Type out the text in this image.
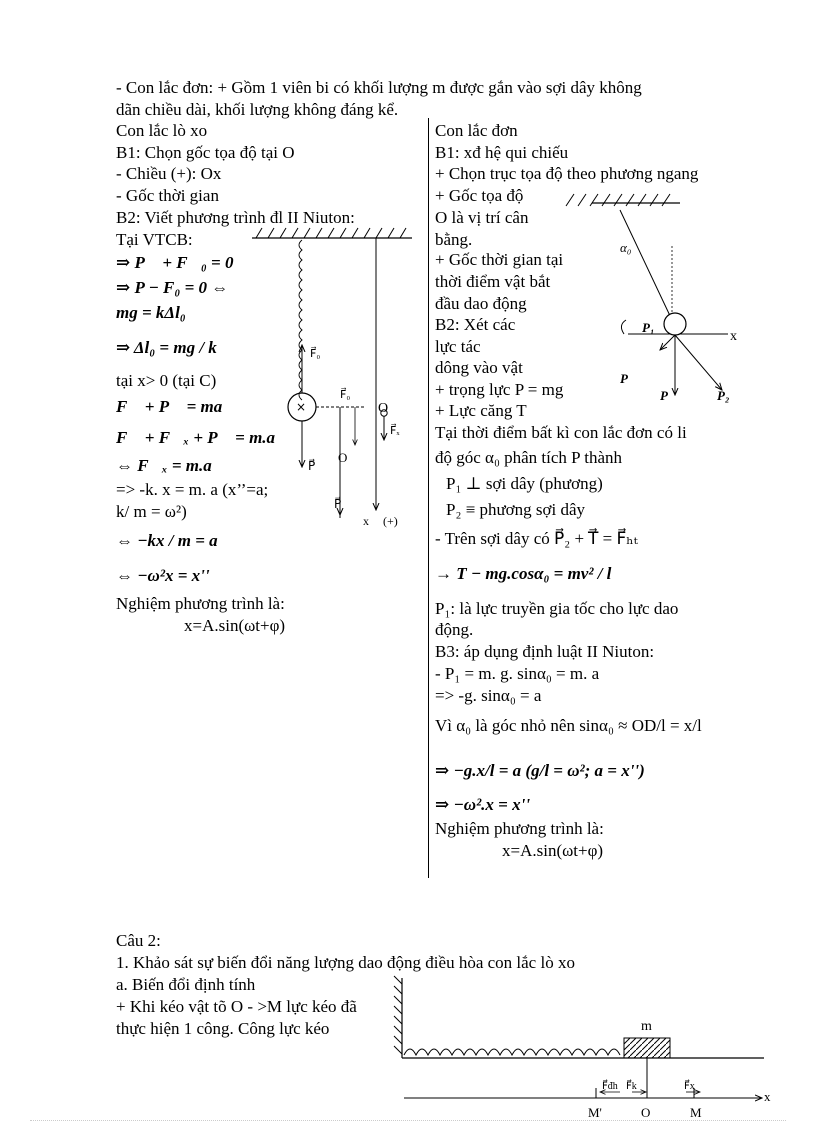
- Con lắc đơn: + Gồm 1 viên bi có khối lượng m được gắn vào sợi dây không
dãn chiều dài, khối lượng không đáng kể.
Con lắc lò xo
B1: Chọn gốc tọa độ tại O
- Chiều (+): Ox
- Gốc thời gian
B2: Viết phương trình đl II Niuton:
Tại VTCB:
⇒ P⃗ + F⃗₀ = 0
⇒ P − F₀ = 0 ⇔
mg = kΔl₀
⇒ Δl₀ = mg / k
tại x> 0 (tại C)
F⃗ + P⃗ = ma⃗
F⃗ + F⃗ₓ + P⃗ = m.a⃗
⇔ F⃗ₓ = m.a⃗
=> -k. x = m. a (x’’=a;
k/ m = ω²)
⇔ −kx / m = a
⇔ −ω²x = x''
Nghiệm phương trình là:
x=A.sin(ωt+φ)
Con lắc đơn
B1: xđ hệ qui chiếu
+ Chọn trục tọa độ theo phương ngang
+ Gốc tọa độ
O là vị trí cân
bằng.
+ Gốc thời gian tại
thời điểm vật bắt
đầu dao động
B2: Xét các
lực tác
dông vào vật
+ trọng lực P = mg
+ Lực căng T
Tại thời điểm bất kì con lắc đơn có li
độ góc α₀ phân tích P thành
P₁ ⊥ sợi dây (phương)
P₂ ≡ phương sợi dây
- Trên sợi dây có P⃗₂ + T⃗ = F⃗ₕₜ
→ T − mg.cosα₀ = mv² / l
P₁: là lực truyền gia tốc cho lực dao
động.
B3: áp dụng định luật II Niuton:
- P₁ = m. g. sinα₀ = m. a
=> -g. sinα₀ = a
Vì α₀ là góc nhỏ nên sinα₀ ≈ OD/l = x/l
⇒ −g.x/l = a (g/l = ω²; a = x'')
⇒ −ω².x = x''
Nghiệm phương trình là:
x=A.sin(ωt+φ)
Câu 2:
1. Khảo sát sự biến đổi năng lượng dao động điều hòa con lắc lò xo
a. Biến đổi định tính
+ Khi kéo vật tõ O - >M lực kéo đã
thực hiện 1 công. Công lực kéo
×
F⃗₀
F⃗₀
F⃗ₓ
O
O
P⃗
P⃗
x (+)
α₀
P₁
x
P
P	P₂
m
F⃗đh F⃗k	F⃗x
x
M'	O	M
